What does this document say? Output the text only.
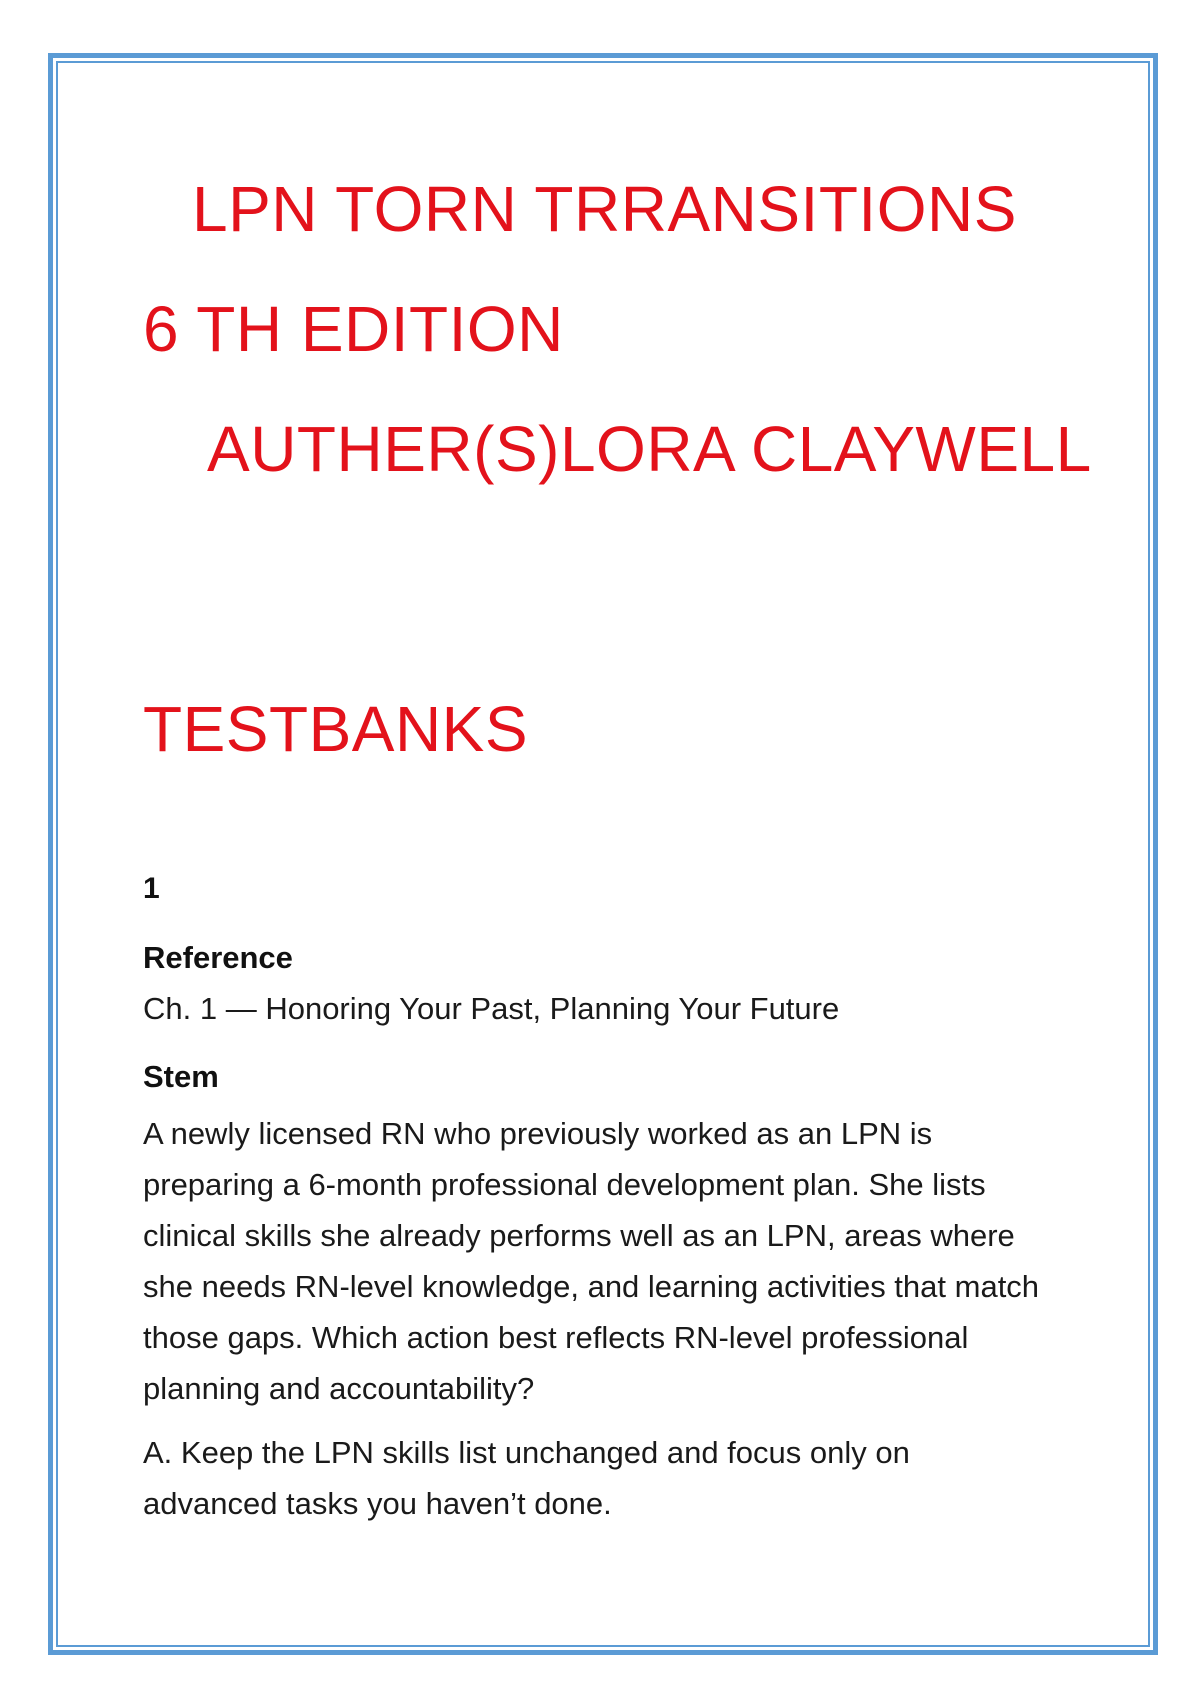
LPN TORN TRRANSITIONS
6 TH EDITION
AUTHER(S)LORA CLAYWELL
TESTBANKS
1
Reference
Ch. 1 — Honoring Your Past, Planning Your Future
Stem
A newly licensed RN who previously worked as an LPN is preparing a 6-month professional development plan. She lists clinical skills she already performs well as an LPN, areas where she needs RN-level knowledge, and learning activities that match those gaps. Which action best reflects RN-level professional planning and accountability?
A. Keep the LPN skills list unchanged and focus only on advanced tasks you haven’t done.
